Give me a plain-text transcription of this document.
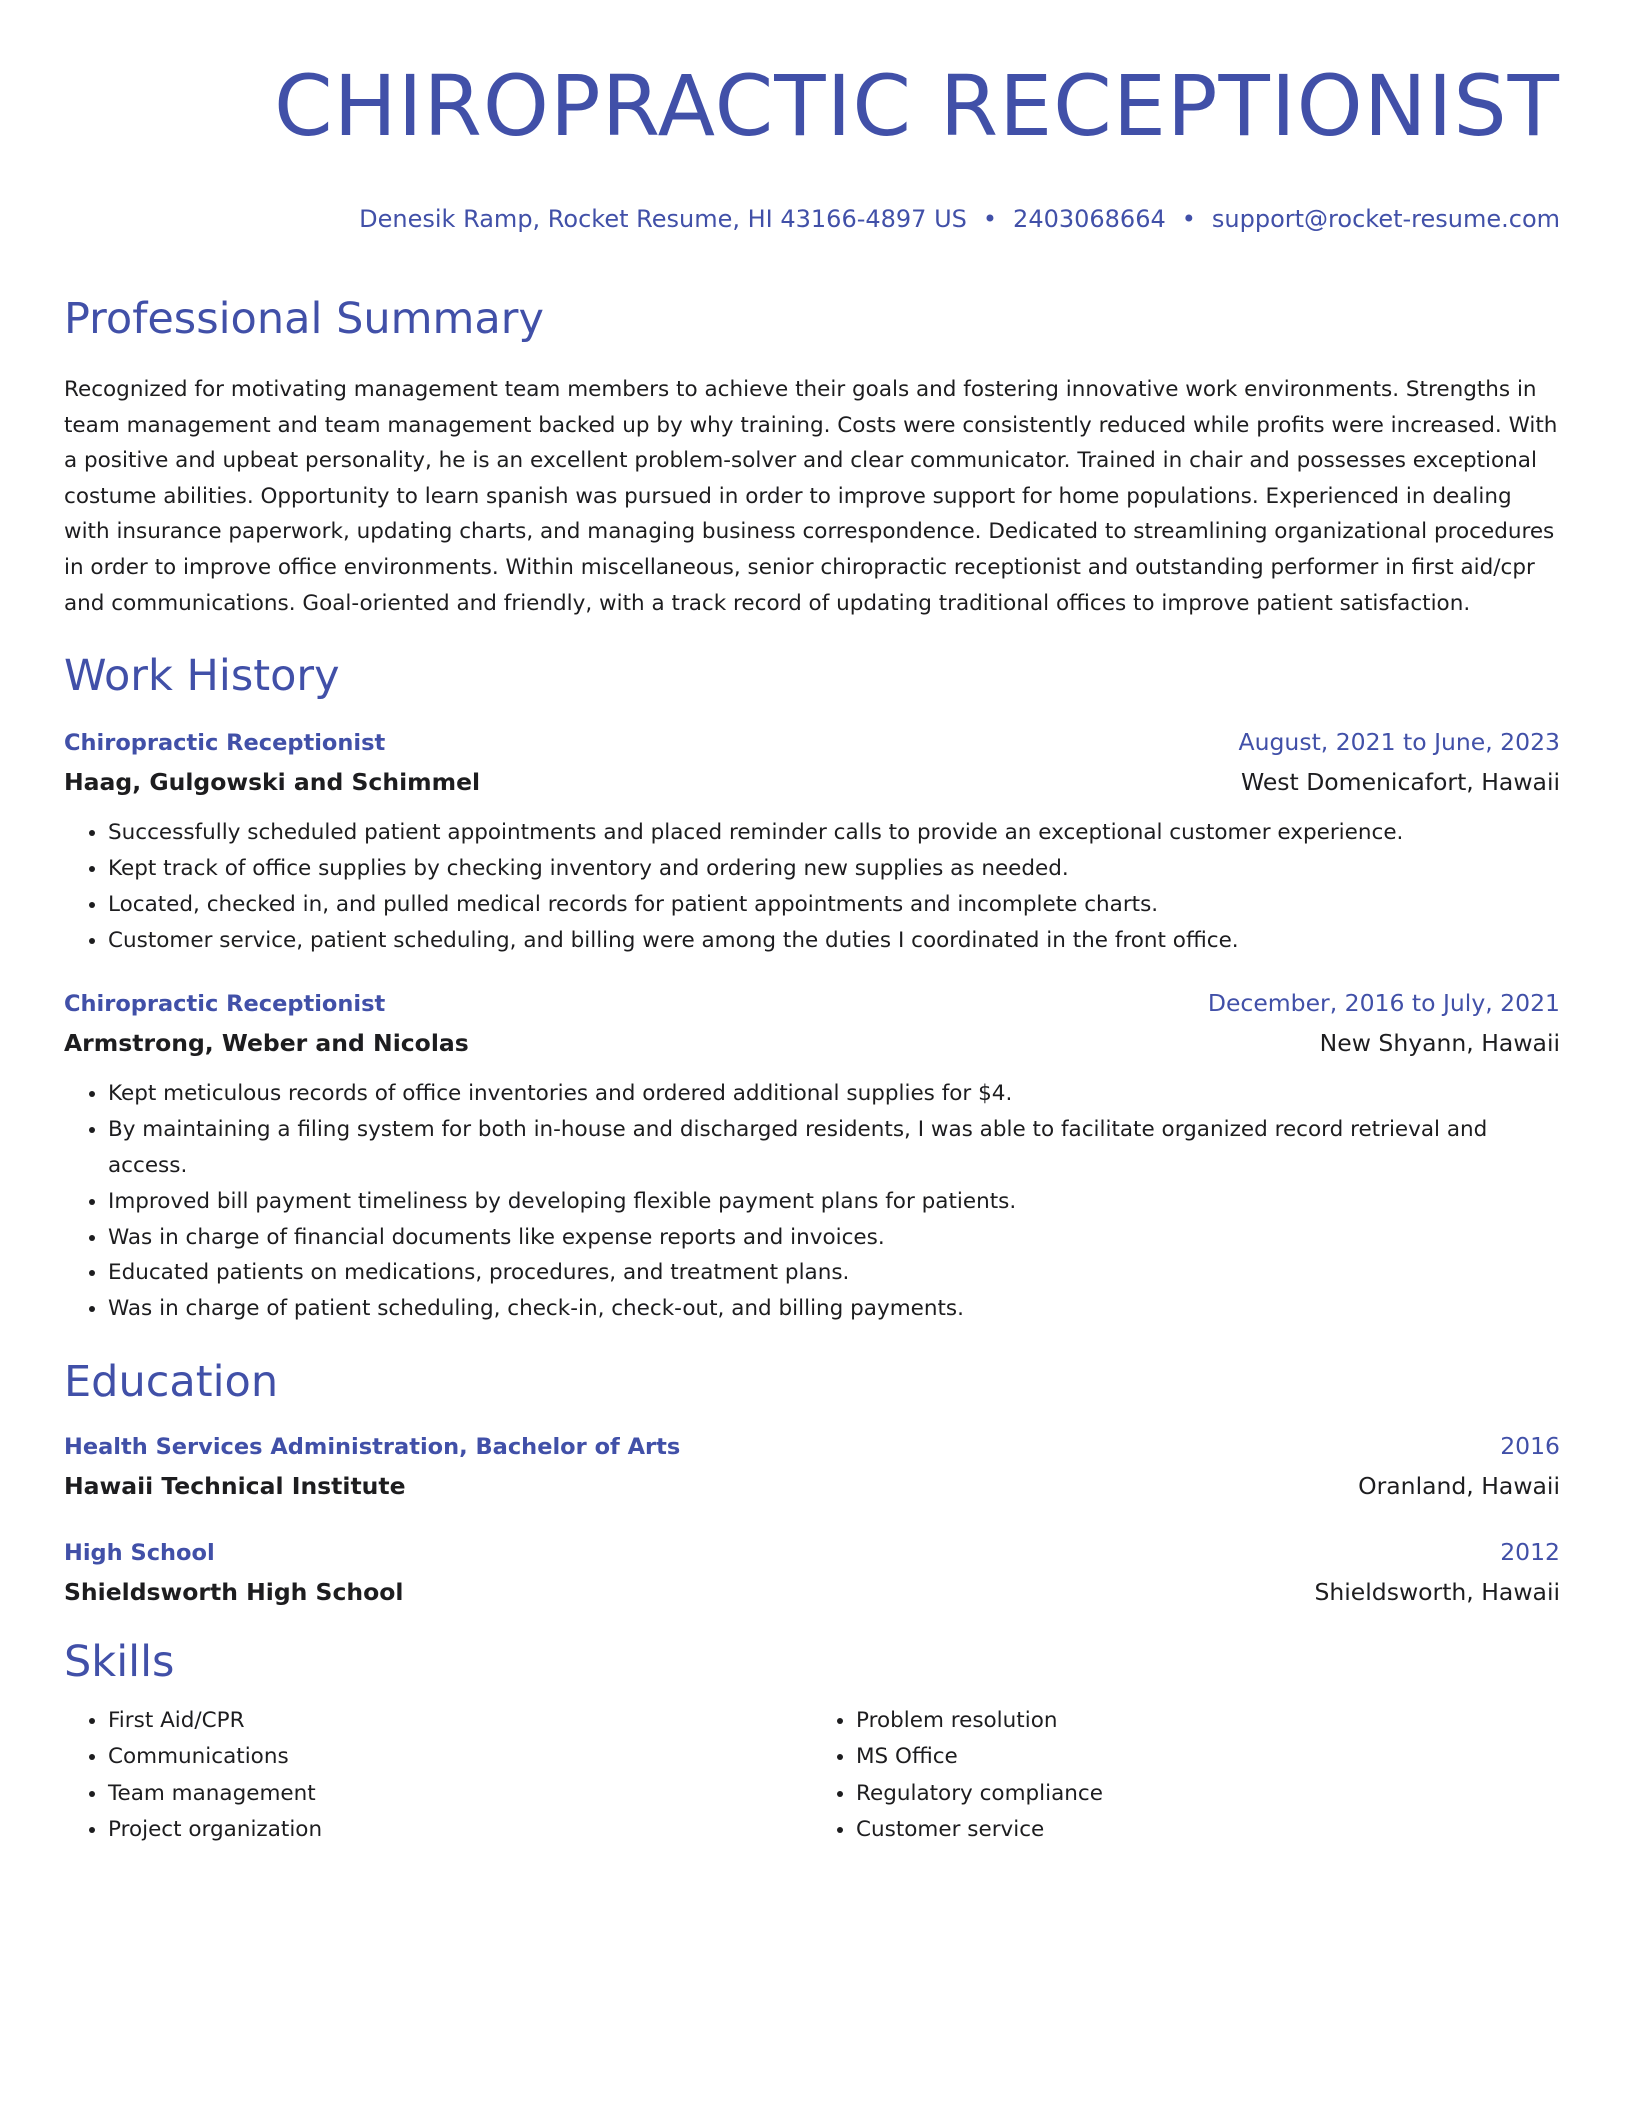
CHIROPRACTIC RECEPTIONIST
Denesik Ramp, Rocket Resume, HI 43166-4897 US • 2403068664 • support@rocket-resume.com
Professional Summary

Recognized for motivating management team members to achieve their goals and fostering innovative work environments. Strengths in team management and team management backed up by why training. Costs were consistently reduced while profits were increased. With a positive and upbeat personality, he is an excellent problem-solver and clear communicator. Trained in chair and possesses exceptional costume abilities. Opportunity to learn spanish was pursued in order to improve support for home populations. Experienced in dealing with insurance paperwork, updating charts, and managing business correspondence. Dedicated to streamlining organizational procedures in order to improve office environments. Within miscellaneous, senior chiropractic receptionist and outstanding performer in first aid/cpr and communications. Goal-oriented and friendly, with a track record of updating traditional offices to improve patient satisfaction.

Work History
Chiropractic Receptionist	August, 2021 to June, 2023
Haag, Gulgowski and Schimmel	West Domenicafort, Hawaii
• Successfully scheduled patient appointments and placed reminder calls to provide an exceptional customer experience.
• Kept track of office supplies by checking inventory and ordering new supplies as needed.
• Located, checked in, and pulled medical records for patient appointments and incomplete charts.
• Customer service, patient scheduling, and billing were among the duties I coordinated in the front office.
Chiropractic Receptionist	December, 2016 to July, 2021
Armstrong, Weber and Nicolas	New Shyann, Hawaii
• Kept meticulous records of office inventories and ordered additional supplies for $4.
• By maintaining a filing system for both in-house and discharged residents, I was able to facilitate organized record retrieval and access.
• Improved bill payment timeliness by developing flexible payment plans for patients.
• Was in charge of financial documents like expense reports and invoices.
• Educated patients on medications, procedures, and treatment plans.
• Was in charge of patient scheduling, check-in, check-out, and billing payments.
Education
Health Services Administration, Bachelor of Arts	2016
Hawaii Technical Institute	Oranland, Hawaii
High School	2012
Shieldsworth High School	Shieldsworth, Hawaii
Skills
• First Aid/CPR
• Communications
• Team management
• Project organization
• Problem resolution
• MS Office
• Regulatory compliance
• Customer service
